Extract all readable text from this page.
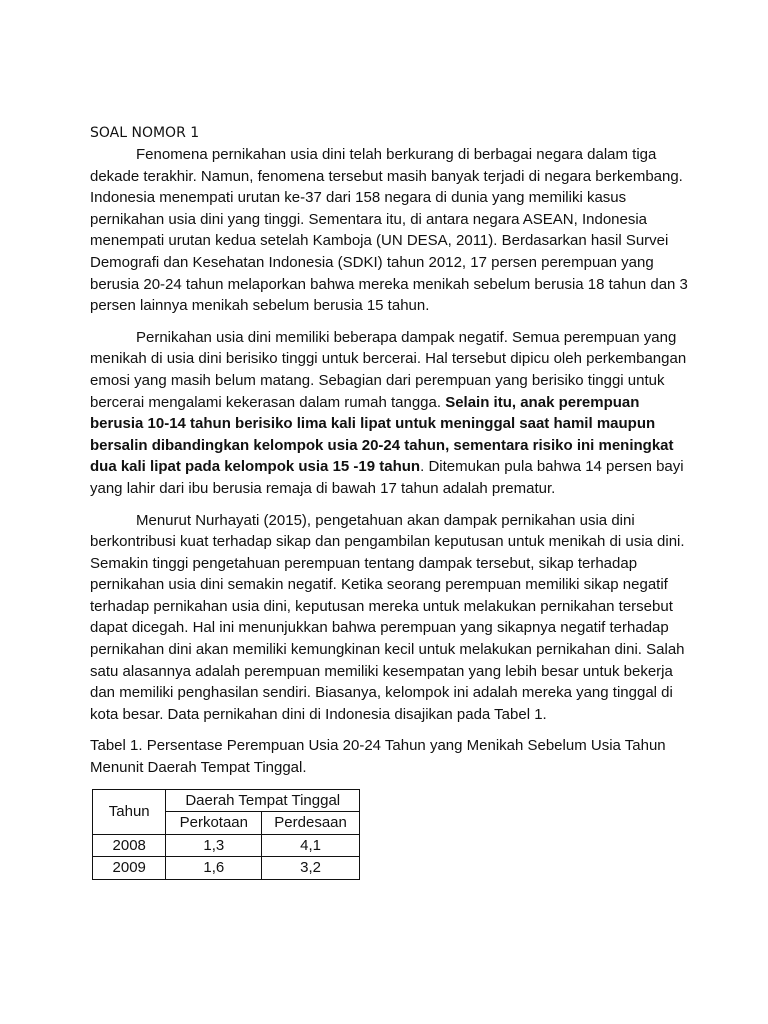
SOAL NOMOR 1

Fenomena pernikahan usia dini telah berkurang di berbagai negara dalam tiga dekade terakhir. Namun, fenomena tersebut masih banyak terjadi di negara berkembang. Indonesia menempati urutan ke-37 dari 158 negara di dunia yang memiliki kasus pernikahan usia dini yang tinggi. Sementara itu, di antara negara ASEAN, Indonesia menempati urutan kedua setelah Kamboja (UN DESA, 2011). Berdasarkan hasil Survei Demografi dan Kesehatan Indonesia (SDKI) tahun 2012, 17 persen perempuan yang berusia 20-24 tahun melaporkan bahwa mereka menikah sebelum berusia 18 tahun dan 3 persen lainnya menikah sebelum berusia 15 tahun.

Pernikahan usia dini memiliki beberapa dampak negatif. Semua perempuan yang menikah di usia dini berisiko tinggi untuk bercerai. Hal tersebut dipicu oleh perkembangan emosi yang masih belum matang. Sebagian dari perempuan yang berisiko tinggi untuk bercerai mengalami kekerasan dalam rumah tangga. Selain itu, anak perempuan berusia 10-14 tahun berisiko lima kali lipat untuk meninggal saat hamil maupun bersalin dibandingkan kelompok usia 20-24 tahun, sementara risiko ini meningkat dua kali lipat pada kelompok usia 15 -19 tahun. Ditemukan pula bahwa 14 persen bayi yang lahir dari ibu berusia remaja di bawah 17 tahun adalah prematur.

Menurut Nurhayati (2015), pengetahuan akan dampak pernikahan usia dini berkontribusi kuat terhadap sikap dan pengambilan keputusan untuk menikah di usia dini. Semakin tinggi pengetahuan perempuan tentang dampak tersebut, sikap terhadap pernikahan usia dini semakin negatif. Ketika seorang perempuan memiliki sikap negatif terhadap pernikahan usia dini, keputusan mereka untuk melakukan pernikahan tersebut dapat dicegah. Hal ini menunjukkan bahwa perempuan yang sikapnya negatif terhadap pernikahan dini akan memiliki kemungkinan kecil untuk melakukan pernikahan dini. Salah satu alasannya adalah perempuan memiliki kesempatan yang lebih besar untuk bekerja dan memiliki penghasilan sendiri. Biasanya, kelompok ini adalah mereka yang tinggal di kota besar. Data pernikahan dini di Indonesia disajikan pada Tabel 1.

Tabel 1. Persentase Perempuan Usia 20-24 Tahun yang Menikah Sebelum Usia Tahun Menunit Daerah Tempat Tinggal.

Tahun	Daerah Tempat Tinggal	
	Perkotaan	Perdesaan
2008	1,3	4,1
2009	1,6	3,2
